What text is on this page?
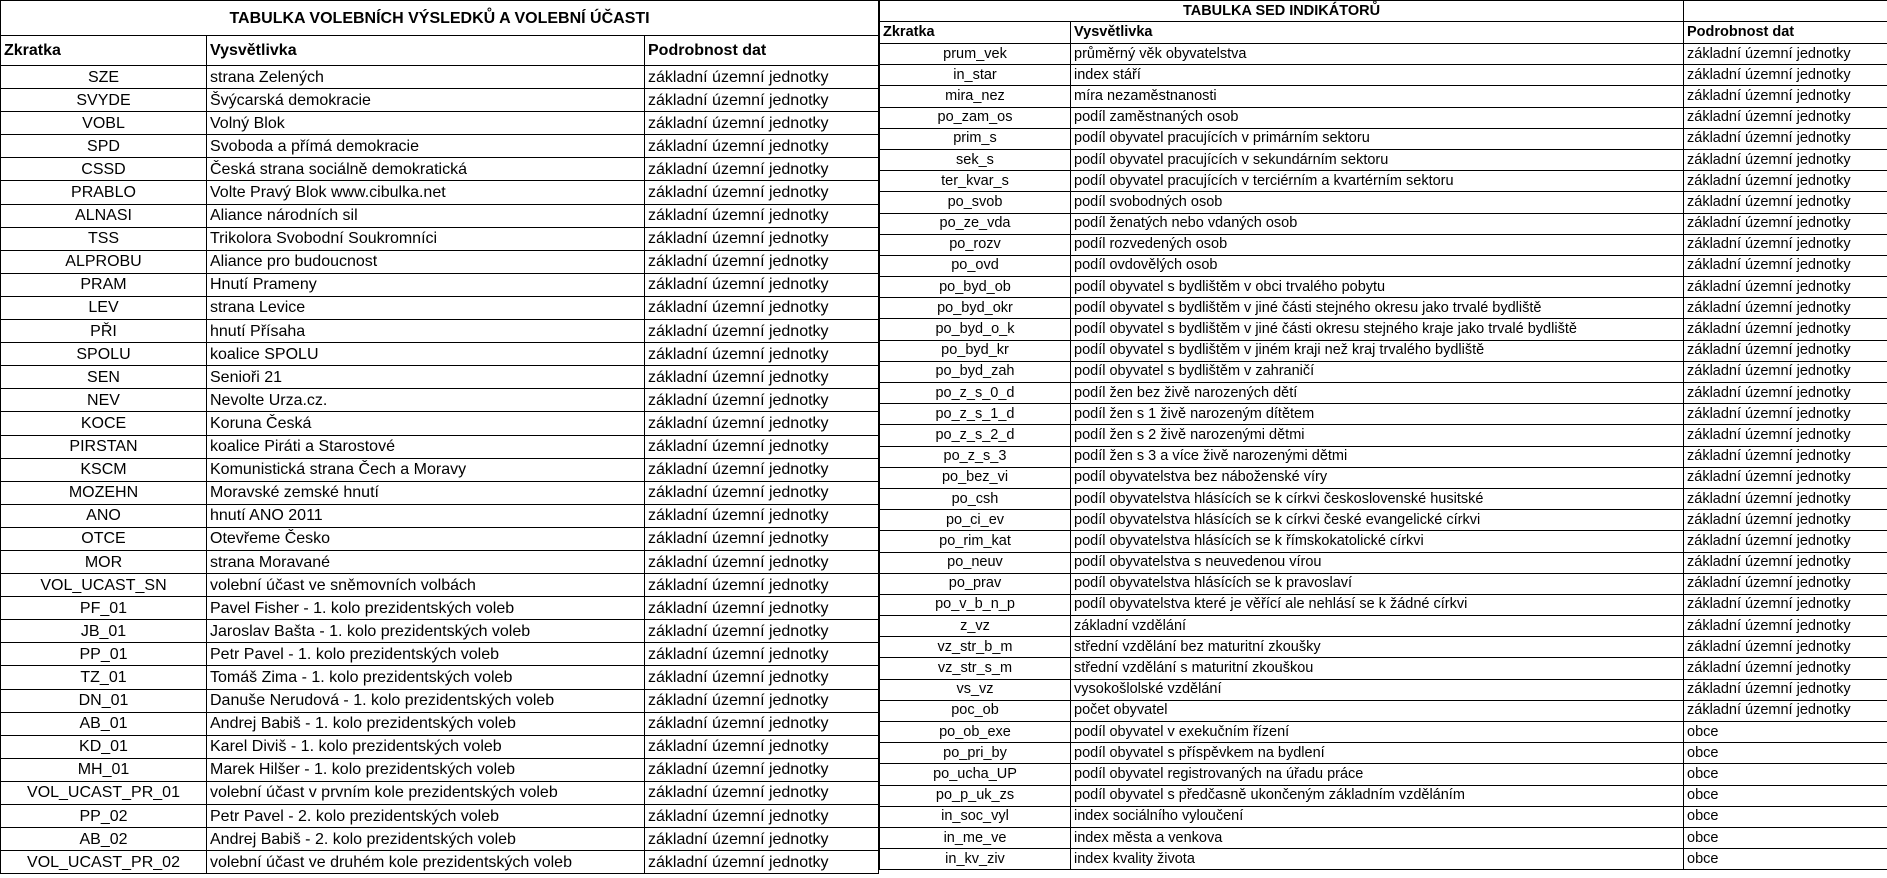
TABULKA VOLEBNÍCH VÝSLEDKŮ A VOLEBNÍ ÚČASTI		
Zkratka	Vysvětlivka	Podrobnost dat
SZE	strana Zelených	základní územní jednotky
SVYDE	Švýcarská demokracie	základní územní jednotky
VOBL	Volný Blok	základní územní jednotky
SPD	Svoboda a přímá demokracie	základní územní jednotky
CSSD	Česká strana sociálně demokratická	základní územní jednotky
PRABLO	Volte Pravý Blok www.cibulka.net	základní územní jednotky
ALNASI	Aliance národních sil	základní územní jednotky
TSS	Trikolora Svobodní Soukromníci	základní územní jednotky
ALPROBU	Aliance pro budoucnost	základní územní jednotky
PRAM	Hnutí Prameny	základní územní jednotky
LEV	strana Levice	základní územní jednotky
PŘI	hnutí Přísaha	základní územní jednotky
SPOLU	koalice SPOLU	základní územní jednotky
SEN	Senioři 21	základní územní jednotky
NEV	Nevolte Urza.cz.	základní územní jednotky
KOCE	Koruna Česká	základní územní jednotky
PIRSTAN	koalice Piráti a Starostové	základní územní jednotky
KSCM	Komunistická strana Čech a Moravy	základní územní jednotky
MOZEHN	Moravské zemské hnutí	základní územní jednotky
ANO	hnutí ANO 2011	základní územní jednotky
OTCE	Otevřeme Česko	základní územní jednotky
MOR	strana Moravané	základní územní jednotky
VOL_UCAST_SN	volební účast ve sněmovních volbách	základní územní jednotky
PF_01	Pavel Fisher - 1. kolo prezidentských voleb	základní územní jednotky
JB_01	Jaroslav Bašta - 1. kolo prezidentských voleb	základní územní jednotky
PP_01	Petr Pavel - 1. kolo prezidentských voleb	základní územní jednotky
TZ_01	Tomáš Zima - 1. kolo prezidentských voleb	základní územní jednotky
DN_01	Danuše Nerudová - 1. kolo prezidentských voleb	základní územní jednotky
AB_01	Andrej Babiš - 1. kolo prezidentských voleb	základní územní jednotky
KD_01	Karel Diviš - 1. kolo prezidentských voleb	základní územní jednotky
MH_01	Marek Hilšer - 1. kolo prezidentských voleb	základní územní jednotky
VOL_UCAST_PR_01	volební účast v prvním kole prezidentských voleb	základní územní jednotky
PP_02	Petr Pavel - 2. kolo prezidentských voleb	základní územní jednotky
AB_02	Andrej Babiš - 2. kolo prezidentských voleb	základní územní jednotky
VOL_UCAST_PR_02	volební účast ve druhém kole prezidentských voleb	základní územní jednotky
TABULKA SED INDIKÁTORŮ		
Zkratka	Vysvětlivka	Podrobnost dat
prum_vek	průměrný věk obyvatelstva	základní územní jednotky
in_star	index stáří	základní územní jednotky
mira_nez	míra nezaměstnanosti	základní územní jednotky
po_zam_os	podíl zaměstnaných osob	základní územní jednotky
prim_s	podíl obyvatel pracujících v primárním sektoru	základní územní jednotky
sek_s	podíl obyvatel pracujících v sekundárním sektoru	základní územní jednotky
ter_kvar_s	podíl obyvatel pracujících v terciérním a kvartérním sektoru	základní územní jednotky
po_svob	podíl svobodných osob	základní územní jednotky
po_ze_vda	podíl ženatých nebo vdaných osob	základní územní jednotky
po_rozv	podíl rozvedených osob	základní územní jednotky
po_ovd	podíl ovdovělých osob	základní územní jednotky
po_byd_ob	podíl obyvatel s bydlištěm v obci trvalého pobytu	základní územní jednotky
po_byd_okr	podíl obyvatel s bydlištěm v jiné části stejného okresu jako trvalé bydliště	základní územní jednotky
po_byd_o_k	podíl obyvatel s bydlištěm v jiné části okresu stejného kraje jako trvalé bydliště	základní územní jednotky
po_byd_kr	podíl obyvatel s bydlištěm v jiném kraji než kraj trvalého bydliště	základní územní jednotky
po_byd_zah	podíl obyvatel s bydlištěm v zahraničí	základní územní jednotky
po_z_s_0_d	podíl žen bez živě narozených dětí	základní územní jednotky
po_z_s_1_d	podíl žen s 1 živě narozeným dítětem	základní územní jednotky
po_z_s_2_d	podíl žen s 2 živě narozenými dětmi	základní územní jednotky
po_z_s_3	podíl žen s 3 a více živě narozenými dětmi	základní územní jednotky
po_bez_vi	podíl obyvatelstva bez náboženské víry	základní územní jednotky
po_csh	podíl obyvatelstva hlásících se k církvi československé husitské	základní územní jednotky
po_ci_ev	podíl obyvatelstva hlásících se k církvi české evangelické církvi	základní územní jednotky
po_rim_kat	podíl obyvatelstva hlásících se k římskokatolické církvi	základní územní jednotky
po_neuv	podíl obyvatelstva s neuvedenou vírou	základní územní jednotky
po_prav	podíl obyvatelstva hlásících se k pravoslaví	základní územní jednotky
po_v_b_n_p	podíl obyvatelstva které je věřící ale nehlásí se k žádné církvi	základní územní jednotky
z_vz	základní vzdělání	základní územní jednotky
vz_str_b_m	střední vzdělání bez maturitní zkoušky	základní územní jednotky
vz_str_s_m	střední vzdělání s maturitní zkouškou	základní územní jednotky
vs_vz	vysokošlolské vzdělání	základní územní jednotky
poc_ob	počet obyvatel	základní územní jednotky
po_ob_exe	podíl obyvatel v exekučním řízení	obce
po_pri_by	podíl obyvatel s příspěvkem na bydlení	obce
po_ucha_UP	podíl obyvatel registrovaných na úřadu práce	obce
po_p_uk_zs	podíl obyvatel s předčasně ukončeným základním vzděláním	obce
in_soc_vyl	index sociálního vyloučení	obce
in_me_ve	index města a venkova	obce
in_kv_ziv	index kvality života	obce
